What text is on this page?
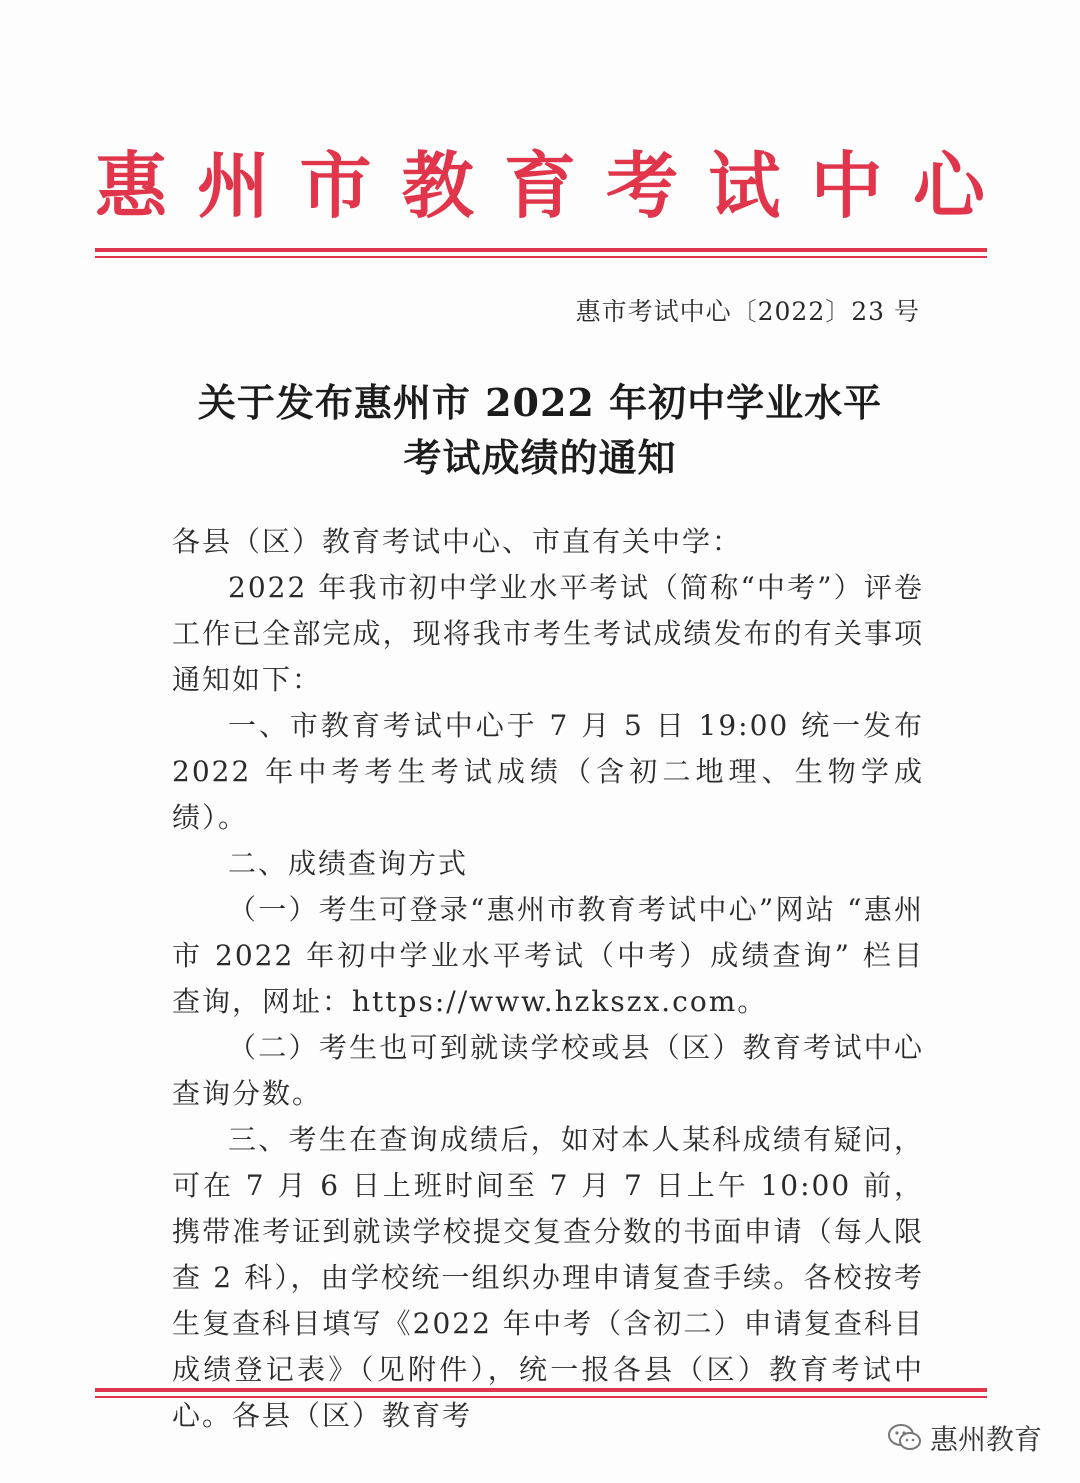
惠 州 市 教 育 考 试 中 心
惠市考试中心〔2022〕23 号
关于发布惠州市 2022 年初中学业水平
考试成绩的通知

各县（区）教育考试中心、市直有关中学：

2022 年我市初中学业水平考试（简称“中考”）评卷工作已全部完成，现将我市考生考试成绩发布的有关事项通知如下：

一、市教育考试中心于 7 月 5 日 19:00 统一发布 2022 年中考考生考试成绩（含初二地理、生物学成绩）。

二、成绩查询方式

（一）考生可登录“惠州市教育考试中心”网站 “惠州市 2022 年初中学业水平考试（中考）成绩查询” 栏目查询，网址：https://www.hzkszx.com。

（二）考生也可到就读学校或县（区）教育考试中心查询分数。

三、考生在查询成绩后，如对本人某科成绩有疑问，可在 7 月 6 日上班时间至 7 月 7 日上午 10:00 前，携带准考证到就读学校提交复查分数的书面申请（每人限查 2 科），由学校统一组织办理申请复查手续。各校按考生复查科目填写《2022 年中考（含初二）申请复查科目成绩登记表》（见附件），统一报各县（区）教育考试中心。各县（区）教育考

惠州教育
